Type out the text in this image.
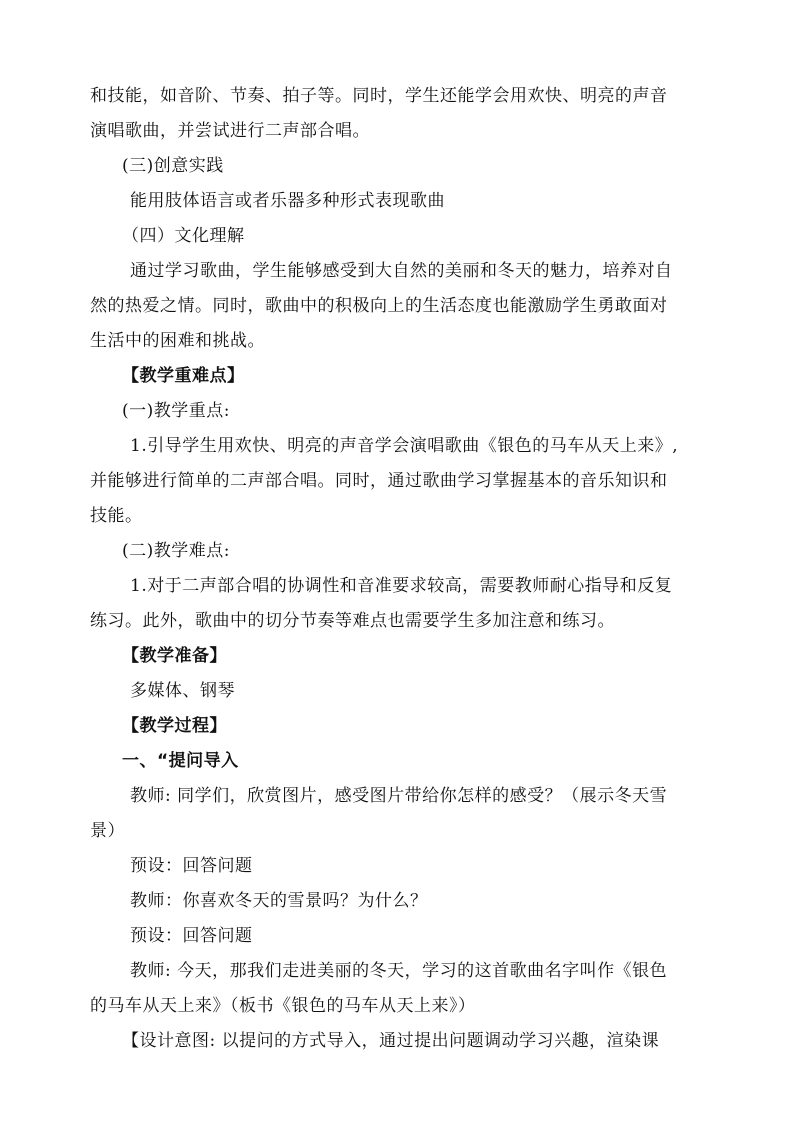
和技能，如音阶、节奏、拍子等。同时，学生还能学会用欢快、明亮的声音
演唱歌曲，并尝试进行二声部合唱。
(三)创意实践
能用肢体语言或者乐器多种形式表现歌曲
（四）文化理解
通过学习歌曲，学生能够感受到大自然的美丽和冬天的魅力，培养对自
然的热爱之情。同时，歌曲中的积极向上的生活态度也能激励学生勇敢面对
生活中的困难和挑战。
【教学重难点】
(一)教学重点:
1.引导学生用欢快、明亮的声音学会演唱歌曲《银色的马车从天上来》,
并能够进行简单的二声部合唱。同时，通过歌曲学习掌握基本的音乐知识和
技能。
(二)教学难点:
1.对于二声部合唱的协调性和音准要求较高，需要教师耐心指导和反复
练习。此外，歌曲中的切分节奏等难点也需要学生多加注意和练习。
【教学准备】
多媒体、钢琴
【教学过程】
一、“提问导入
教师: 同学们，欣赏图片，感受图片带给你怎样的感受？（展示冬天雪
景）
预设：回答问题
教师：你喜欢冬天的雪景吗？为什么？
预设：回答问题
教师: 今天，那我们走进美丽的冬天，学习的这首歌曲名字叫作《银色
的马车从天上来》（板书《银色的马车从天上来》）
【设计意图: 以提问的方式导入，通过提出问题调动学习兴趣，渲染课
